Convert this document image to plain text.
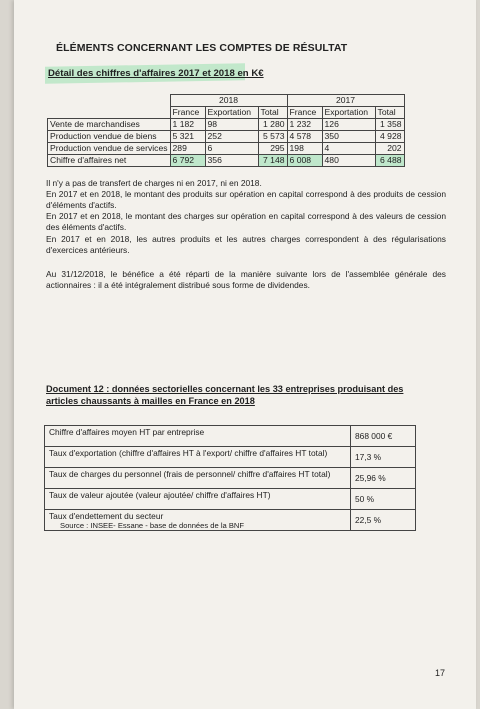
ÉLÉMENTS CONCERNANT LES COMPTES DE RÉSULTAT
Détail des chiffres d'affaires 2017 et 2018 en K€
	2018			2017		
	France	Exportation	Total	France	Exportation	Total
Vente de marchandises	1 182	98	1 280	1 232	126	1 358
Production vendue de biens	5 321	252	5 573	4 578	350	4 928
Production vendue de services	289	6	295	198	4	202
Chiffre d'affaires net	6 792	356	7 148	6 008	480	6 488
Il n'y a pas de transfert de charges ni en 2017, ni en 2018.
En 2017 et en 2018, le montant des produits sur opération en capital correspond à des produits de cession d'éléments d'actifs.
En 2017 et en 2018, le montant des charges sur opération en capital correspond à des valeurs de cession des éléments d'actifs.
En 2017 et en 2018, les autres produits et les autres charges correspondent à des régularisations d'exercices antérieurs.
Au 31/12/2018, le bénéfice a été réparti de la manière suivante lors de l'assemblée générale des actionnaires : il a été intégralement distribué sous forme de dividendes.
Document 12 : données sectorielles concernant les 33 entreprises produisant des articles chaussants à mailles en France en 2018
Chiffre d'affaires moyen HT par entreprise	868 000 €
Taux d'exportation (chiffre d'affaires HT à l'export/ chiffre d'affaires HT total)	17,3 %
Taux de charges du personnel (frais de personnel/ chiffre d'affaires HT total)	25,96 %
Taux de valeur ajoutée (valeur ajoutée/ chiffre d'affaires HT)	50 %
Taux d'endettement du secteur	22,5 %
Source : INSEE- Essane - base de données de la BNF
17
